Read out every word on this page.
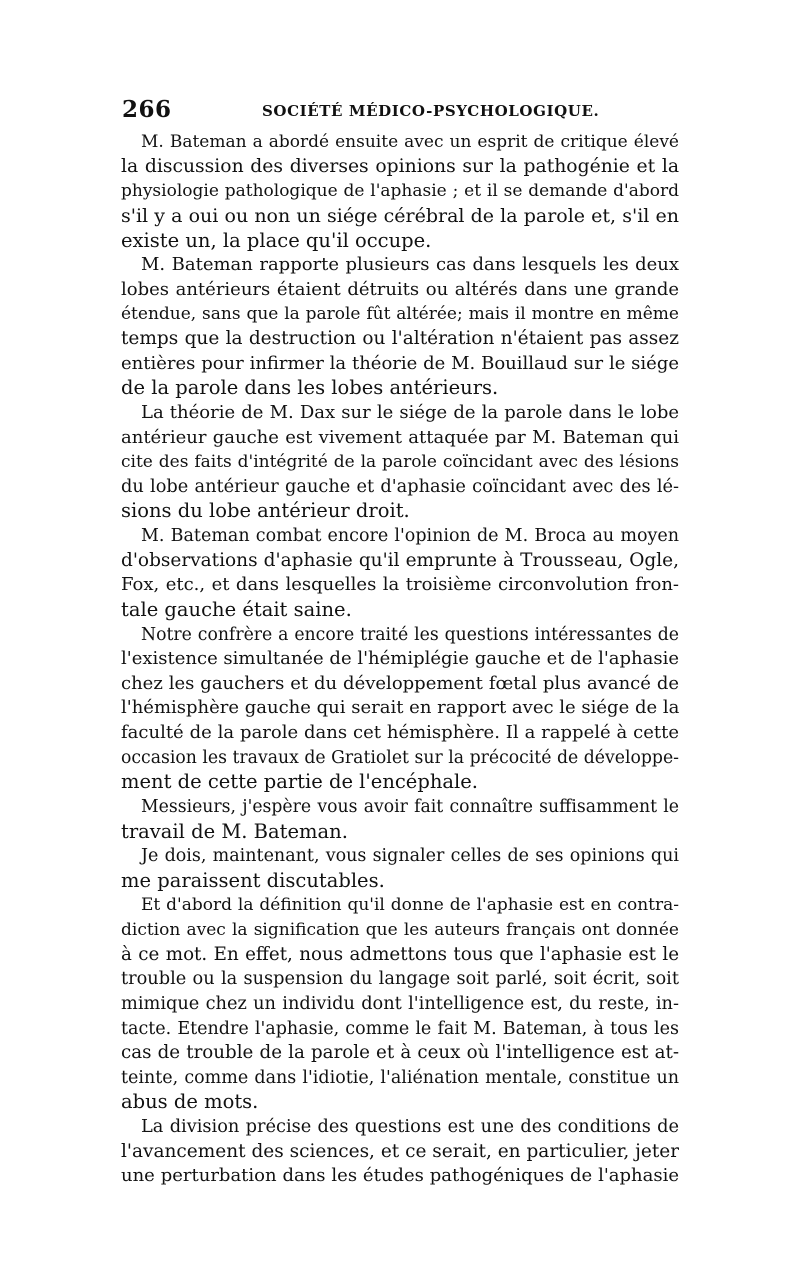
266	SOCIÉTÉ MÉDICO-PSYCHOLOGIQUE.
M. Bateman a abordé ensuite avec un esprit de critique élevé
la discussion des diverses opinions sur la pathogénie et la
physiologie pathologique de l'aphasie ; et il se demande d'abord
s'il y a oui ou non un siége cérébral de la parole et, s'il en
existe un, la place qu'il occupe.
M. Bateman rapporte plusieurs cas dans lesquels les deux
lobes antérieurs étaient détruits ou altérés dans une grande
étendue, sans que la parole fût altérée; mais il montre en même
temps que la destruction ou l'altération n'étaient pas assez
entières pour infirmer la théorie de M. Bouillaud sur le siége
de la parole dans les lobes antérieurs.
La théorie de M. Dax sur le siége de la parole dans le lobe
antérieur gauche est vivement attaquée par M. Bateman qui
cite des faits d'intégrité de la parole coïncidant avec des lésions
du lobe antérieur gauche et d'aphasie coïncidant avec des lé-
sions du lobe antérieur droit.
M. Bateman combat encore l'opinion de M. Broca au moyen
d'observations d'aphasie qu'il emprunte à Trousseau, Ogle,
Fox, etc., et dans lesquelles la troisième circonvolution fron-
tale gauche était saine.
Notre confrère a encore traité les questions intéressantes de
l'existence simultanée de l'hémiplégie gauche et de l'aphasie
chez les gauchers et du développement fœtal plus avancé de
l'hémisphère gauche qui serait en rapport avec le siége de la
faculté de la parole dans cet hémisphère. Il a rappelé à cette
occasion les travaux de Gratiolet sur la précocité de développe-
ment de cette partie de l'encéphale.
Messieurs, j'espère vous avoir fait connaître suffisamment le
travail de M. Bateman.
Je dois, maintenant, vous signaler celles de ses opinions qui
me paraissent discutables.
Et d'abord la définition qu'il donne de l'aphasie est en contra-
diction avec la signification que les auteurs français ont donnée
à ce mot. En effet, nous admettons tous que l'aphasie est le
trouble ou la suspension du langage soit parlé, soit écrit, soit
mimique chez un individu dont l'intelligence est, du reste, in-
tacte. Etendre l'aphasie, comme le fait M. Bateman, à tous les
cas de trouble de la parole et à ceux où l'intelligence est at-
teinte, comme dans l'idiotie, l'aliénation mentale, constitue un
abus de mots.
La division précise des questions est une des conditions de
l'avancement des sciences, et ce serait, en particulier, jeter
une perturbation dans les études pathogéniques de l'aphasie
